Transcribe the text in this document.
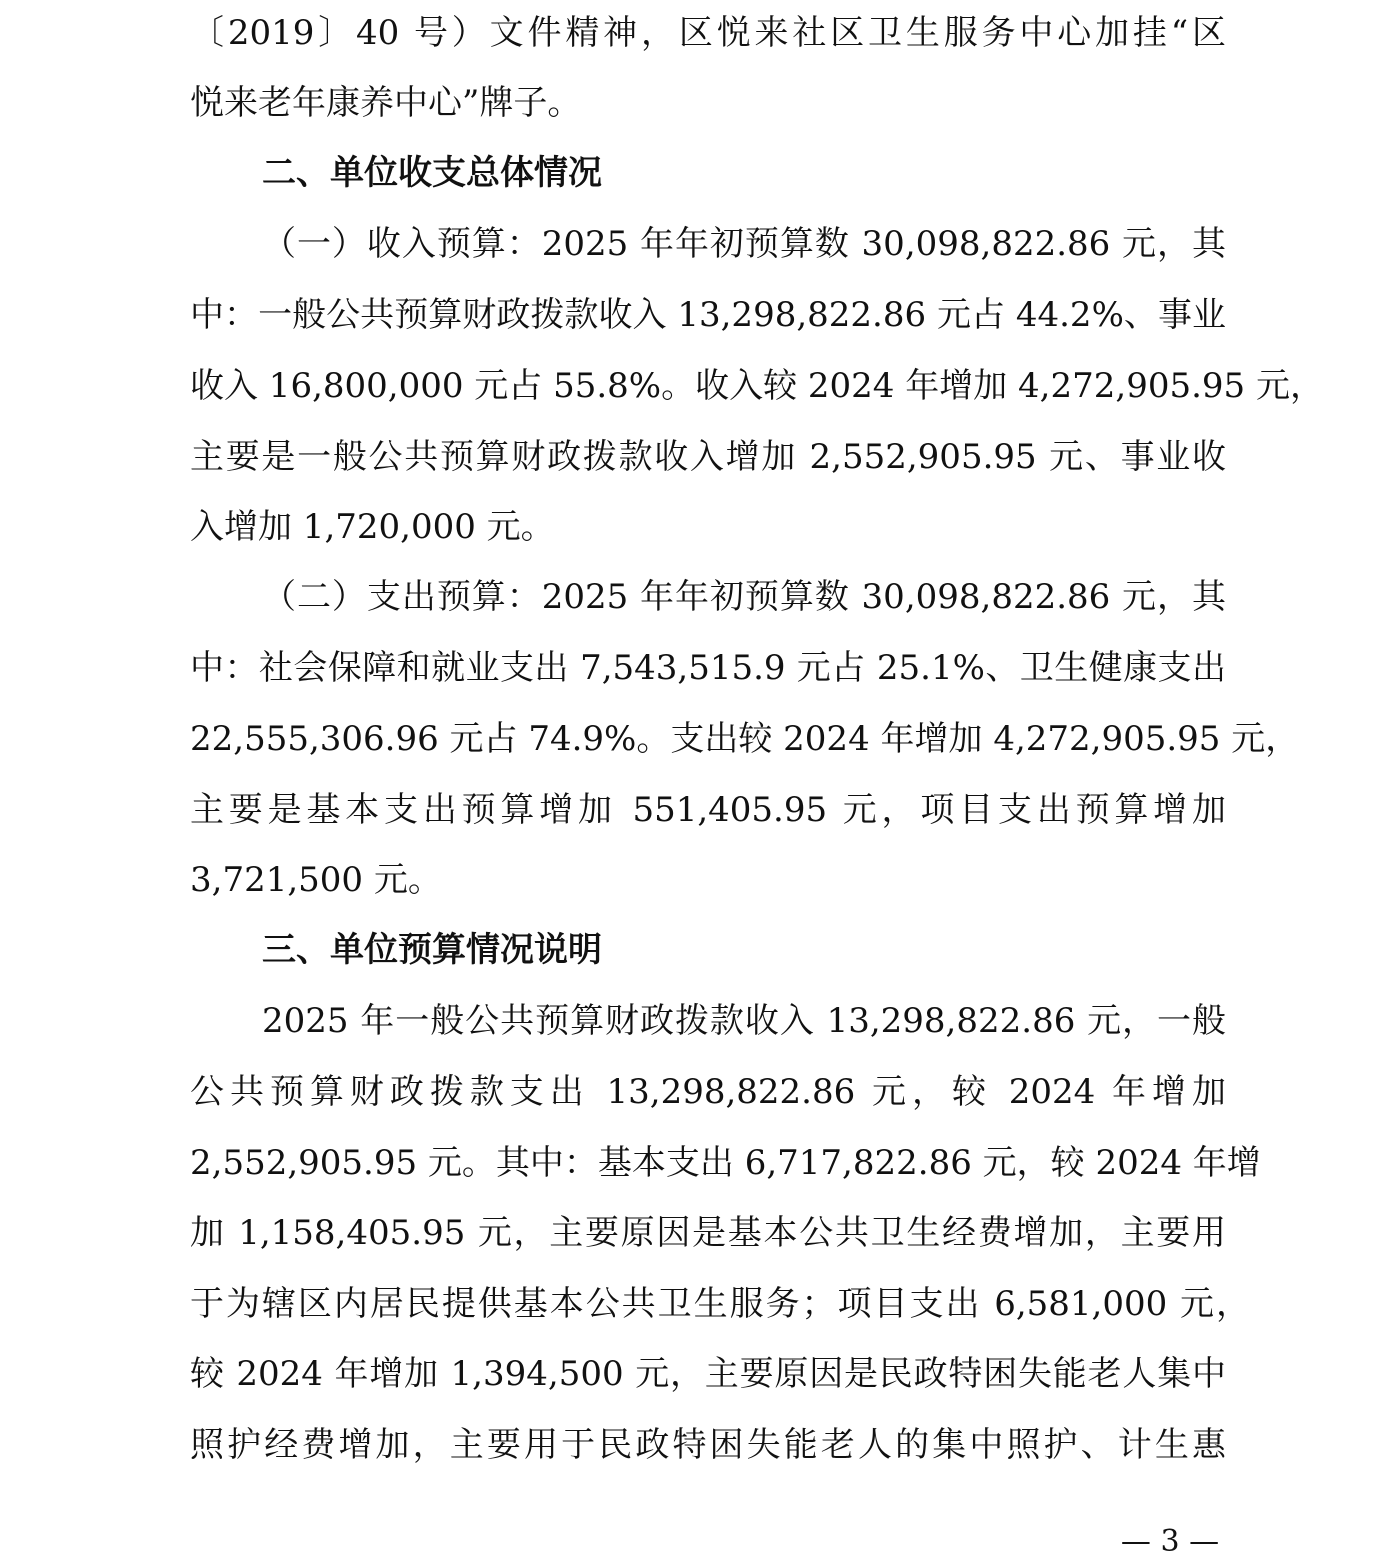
〔2019〕40 号）文件精神，区悦来社区卫生服务中心加挂“区
悦来老年康养中心”牌子。
二、单位收支总体情况
（一）收入预算：2025 年年初预算数 30,098,822.86 元，其
中：一般公共预算财政拨款收入 13,298,822.86 元占 44.2%、事业
收入 16,800,000 元占 55.8%。收入较 2024 年增加 4,272,905.95 元，
主要是一般公共预算财政拨款收入增加 2,552,905.95 元、事业收
入增加 1,720,000 元。
（二）支出预算：2025 年年初预算数 30,098,822.86 元，其
中：社会保障和就业支出 7,543,515.9 元占 25.1%、卫生健康支出
22,555,306.96 元占 74.9%。支出较 2024 年增加 4,272,905.95 元，
主要是基本支出预算增加 551,405.95 元，项目支出预算增加
3,721,500 元。
三、单位预算情况说明
2025 年一般公共预算财政拨款收入 13,298,822.86 元，一般
公共预算财政拨款支出 13,298,822.86 元，较 2024 年增加
2,552,905.95 元。其中：基本支出 6,717,822.86 元，较 2024 年增
加 1,158,405.95 元，主要原因是基本公共卫生经费增加，主要用
于为辖区内居民提供基本公共卫生服务；项目支出 6,581,000 元，
较 2024 年增加 1,394,500 元，主要原因是民政特困失能老人集中
照护经费增加，主要用于民政特困失能老人的集中照护、计生惠
— 3 —
